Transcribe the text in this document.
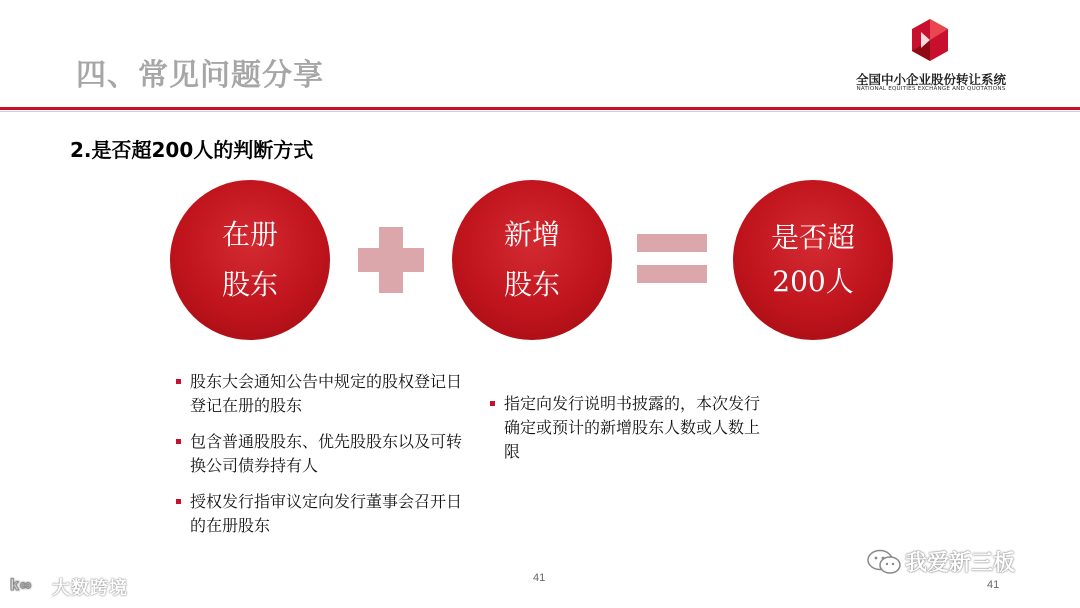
四、常见问题分享	全国中小企业股份转让系统
NATIONAL EQUITIES EXCHANGE AND QUOTATIONS
2.是否超200人的判断方式
在册
股东
新增
股东
是否超
200人
股东大会通知公告中规定的股权登记日登记在册的股东
包含普通股股东、优先股股东以及可转换公司债券持有人
授权发行指审议定向发行董事会召开日的在册股东
指定向发行说明书披露的，本次发行确定或预计的新增股东人数或人数上限
41
41
我爱新三板
k∞ 大数跨境
